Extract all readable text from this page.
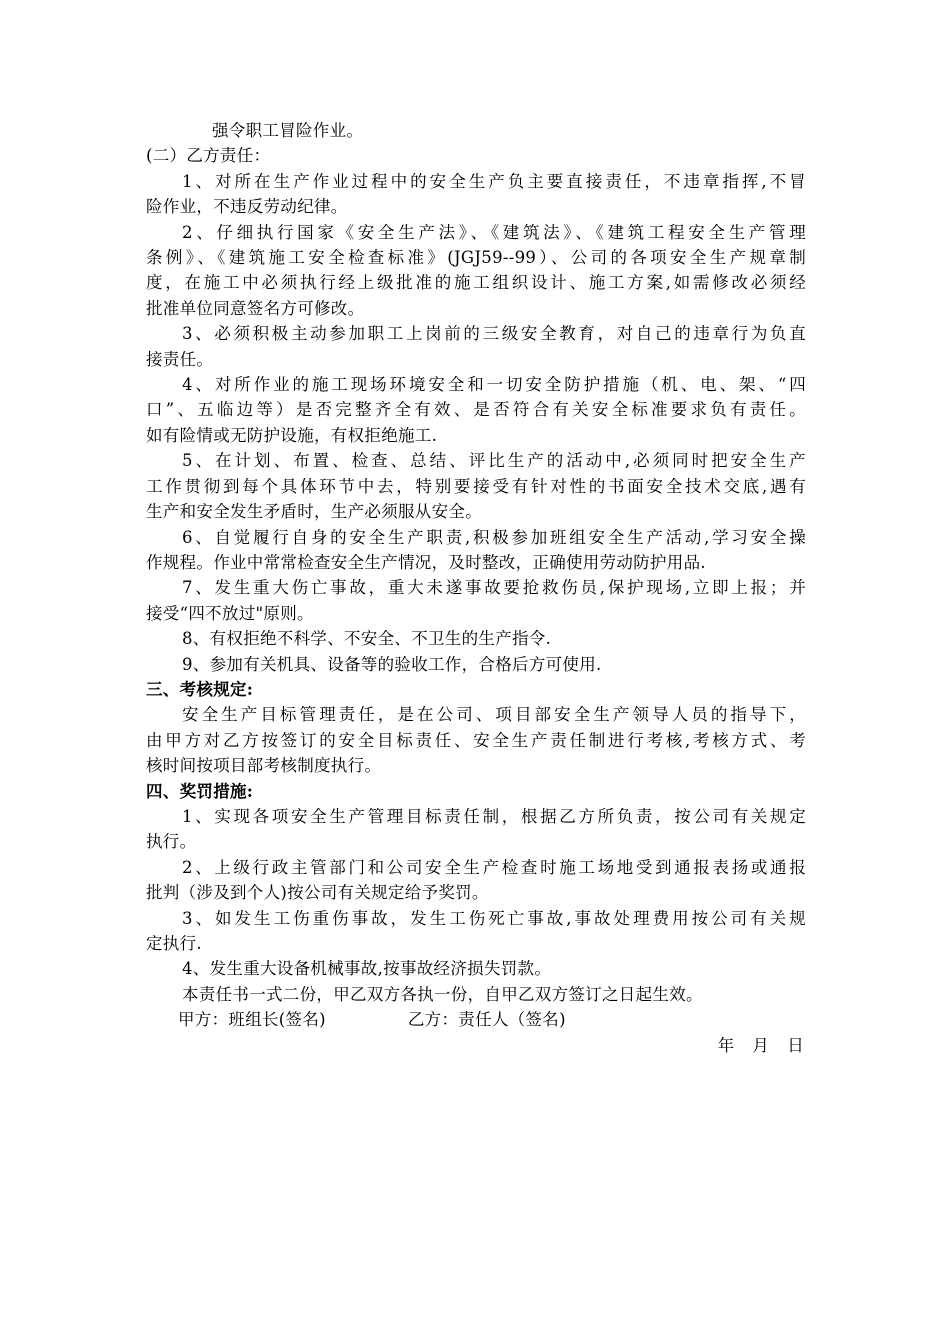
强令职工冒险作业。
(二）乙方责任：
1、对所在生产作业过程中的安全生产负主要直接责任，不违章指挥,不冒
险作业，不违反劳动纪律。
2、仔细执行国家《安全生产法》、《建筑法》、《建筑工程安全生产管理
条例》、《建筑施工安全检查标准》(JGJ59--99）、公司的各项安全生产规章制
度，在施工中必须执行经上级批准的施工组织设计、施工方案,如需修改必须经
批准单位同意签名方可修改。
3、必须积极主动参加职工上岗前的三级安全教育，对自己的违章行为负直
接责任。
4、对所作业的施工现场环境安全和一切安全防护措施（机、电、架、“四
口”、五临边等）是否完整齐全有效、是否符合有关安全标准要求负有责任。
如有险情或无防护设施，有权拒绝施工.
5、在计划、布置、检查、总结、评比生产的活动中,必须同时把安全生产
工作贯彻到每个具体环节中去，特别要接受有针对性的书面安全技术交底,遇有
生产和安全发生矛盾时，生产必须服从安全。
6、自觉履行自身的安全生产职责,积极参加班组安全生产活动,学习安全操
作规程。作业中常常检查安全生产情况，及时整改，正确使用劳动防护用品.
7、发生重大伤亡事故，重大未遂事故要抢救伤员,保护现场,立即上报；并
接受“四不放过"原则。
8、有权拒绝不科学、不安全、不卫生的生产指令.
9、参加有关机具、设备等的验收工作，合格后方可使用.
三、考核规定:
安全生产目标管理责任，是在公司、项目部安全生产领导人员的指导下，
由甲方对乙方按签订的安全目标责任、安全生产责任制进行考核,考核方式、考
核时间按项目部考核制度执行。
四、奖罚措施:
1、实现各项安全生产管理目标责任制，根据乙方所负责，按公司有关规定
执行。
2、上级行政主管部门和公司安全生产检查时施工场地受到通报表扬或通报
批判（涉及到个人)按公司有关规定给予奖罚。
3、如发生工伤重伤事故，发生工伤死亡事故,事故处理费用按公司有关规
定执行.
4、发生重大设备机械事故,按事故经济损失罚款。
本责任书一式二份，甲乙双方各执一份，自甲乙双方签订之日起生效。
甲方：班组长(签名)	乙方：责任人（签名)
年 月 日
